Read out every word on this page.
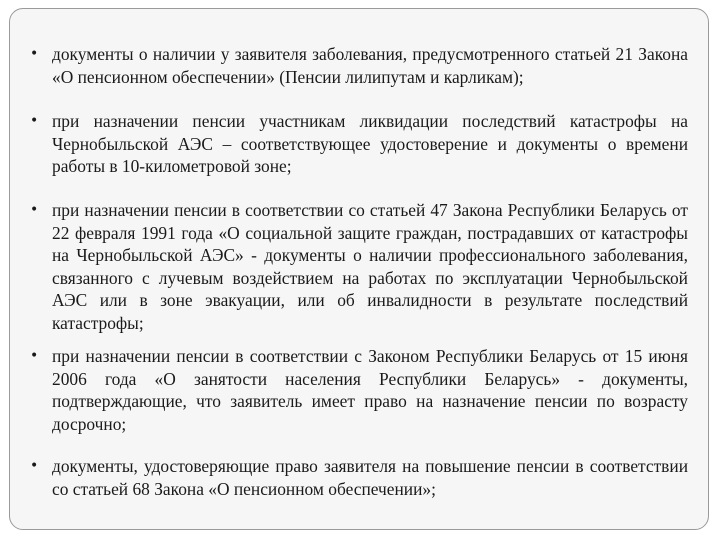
• документы о наличии у заявителя заболевания, предусмотренного статьей 21 Закона «О пенсионном обеспечении» (Пенсии лилипутам и карликам);

• при назначении пенсии участникам ликвидации последствий катастрофы на Чернобыльской АЭС – соответствующее удостоверение и документы о времени работы в 10-километровой зоне;

• при назначении пенсии в соответствии со статьей 47 Закона Республики Беларусь от 22 февраля 1991 года «О социальной защите граждан, пострадавших от катастрофы на Чернобыльской АЭС» - документы о наличии профессионального заболевания, связанного с лучевым воздействием на работах по эксплуатации Чернобыльской АЭС или в зоне эвакуации, или об инвалидности в результате последствий катастрофы;

• при назначении пенсии в соответствии с Законом Республики Беларусь от 15 июня 2006 года «О занятости населения Республики Беларусь» - документы, подтверждающие, что заявитель имеет право на назначение пенсии по возрасту досрочно;

• документы, удостоверяющие право заявителя на повышение пенсии в соответствии со статьей 68 Закона «О пенсионном обеспечении»;
